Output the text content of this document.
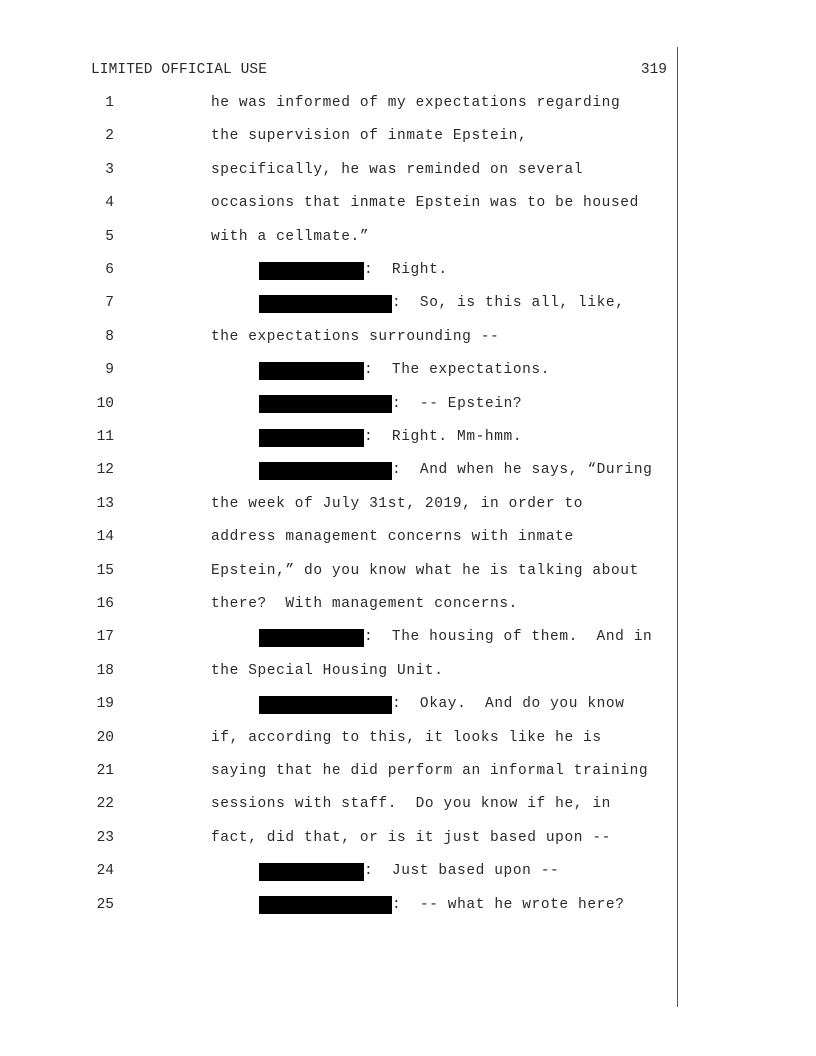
LIMITED OFFICIAL USE	319
1	he was informed of my expectations regarding
2	the supervision of inmate Epstein,
3	specifically, he was reminded on several
4	occasions that inmate Epstein was to be housed
5	with a cellmate.”
6	:  Right.
7	:  So, is this all, like,
8	the expectations surrounding --
9	:  The expectations.
10	:  -- Epstein?
11	:  Right. Mm-hmm.
12	:  And when he says, “During
13	the week of July 31st, 2019, in order to
14	address management concerns with inmate
15	Epstein,” do you know what he is talking about
16	there?  With management concerns.
17	:  The housing of them.  And in
18	the Special Housing Unit.
19	:  Okay.  And do you know
20	if, according to this, it looks like he is
21	saying that he did perform an informal training
22	sessions with staff.  Do you know if he, in
23	fact, did that, or is it just based upon --
24	:  Just based upon --
25	:  -- what he wrote here?
